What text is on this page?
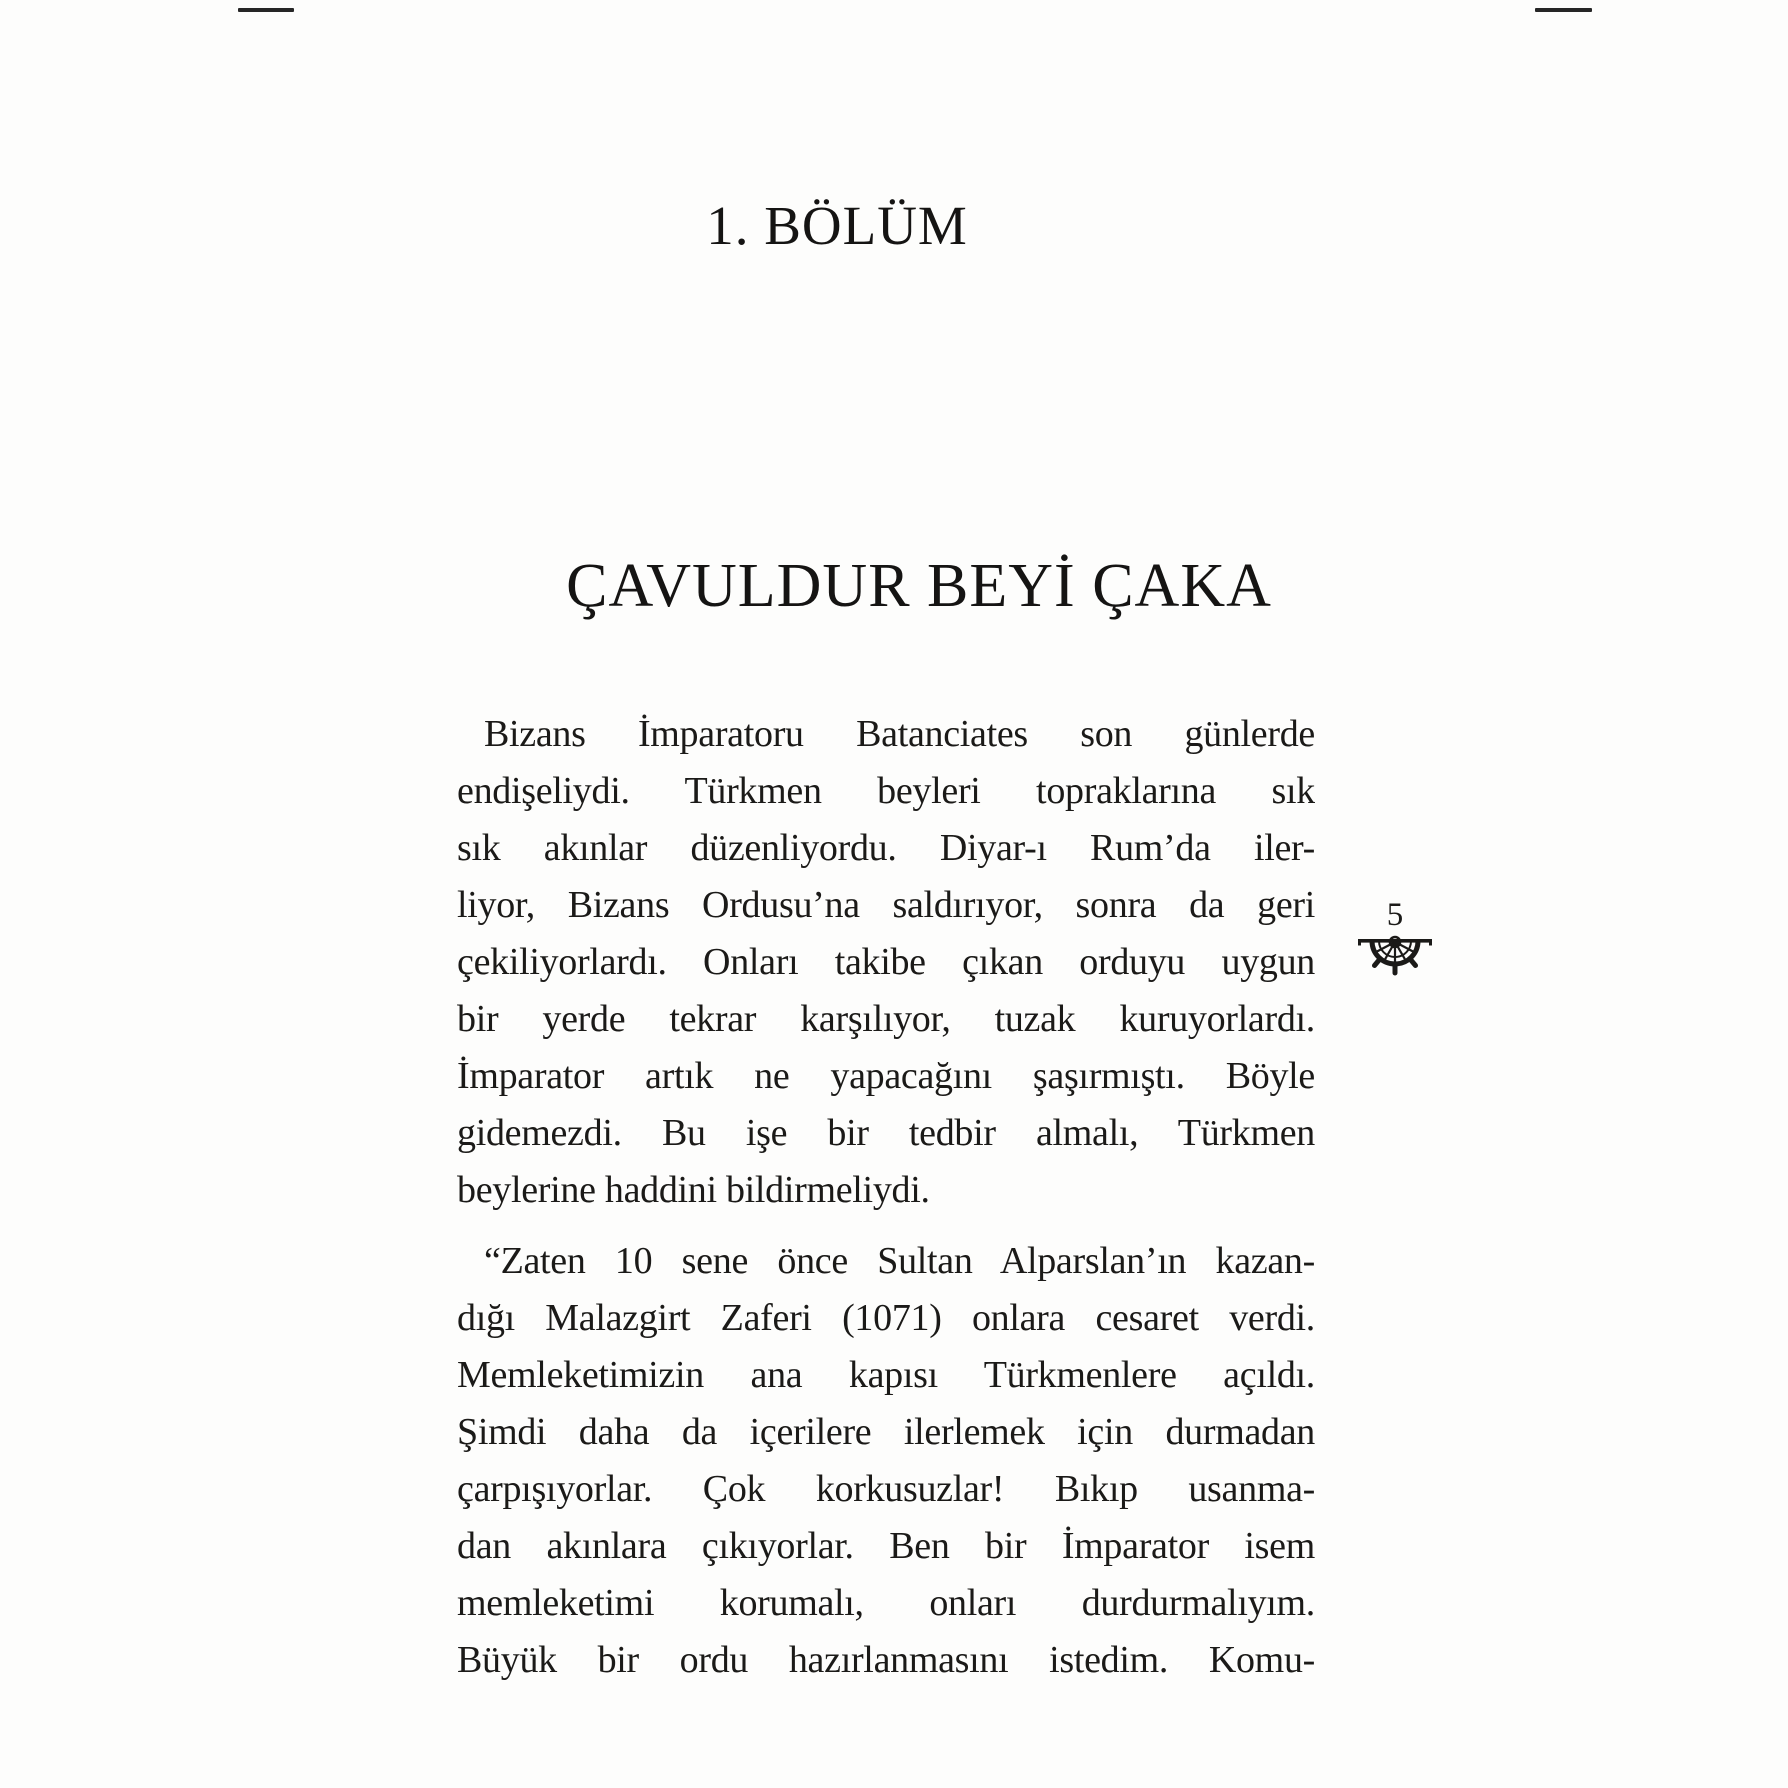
1. BÖLÜM
ÇAVULDUR BEYİ ÇAKA
Bizans İmparatoru Batanciates son günlerde
endişeliydi. Türkmen beyleri topraklarına sık
sık akınlar düzenliyordu. Diyar-ı Rum’da iler-
liyor, Bizans Ordusu’na saldırıyor, sonra da geri
çekiliyorlardı. Onları takibe çıkan orduyu uygun
bir yerde tekrar karşılıyor, tuzak kuruyorlardı.
İmparator artık ne yapacağını şaşırmıştı. Böyle
gidemezdi. Bu işe bir tedbir almalı, Türkmen
beylerine haddini bildirmeliydi.
“Zaten 10 sene önce Sultan Alparslan’ın kazan-
dığı Malazgirt Zaferi (1071) onlara cesaret verdi.
Memleketimizin ana kapısı Türkmenlere açıldı.
Şimdi daha da içerilere ilerlemek için durmadan
çarpışıyorlar. Çok korkusuzlar! Bıkıp usanma-
dan akınlara çıkıyorlar. Ben bir İmparator isem
memleketimi korumalı, onları durdurmalıyım.
Büyük bir ordu hazırlanmasını istedim. Komu-
5
